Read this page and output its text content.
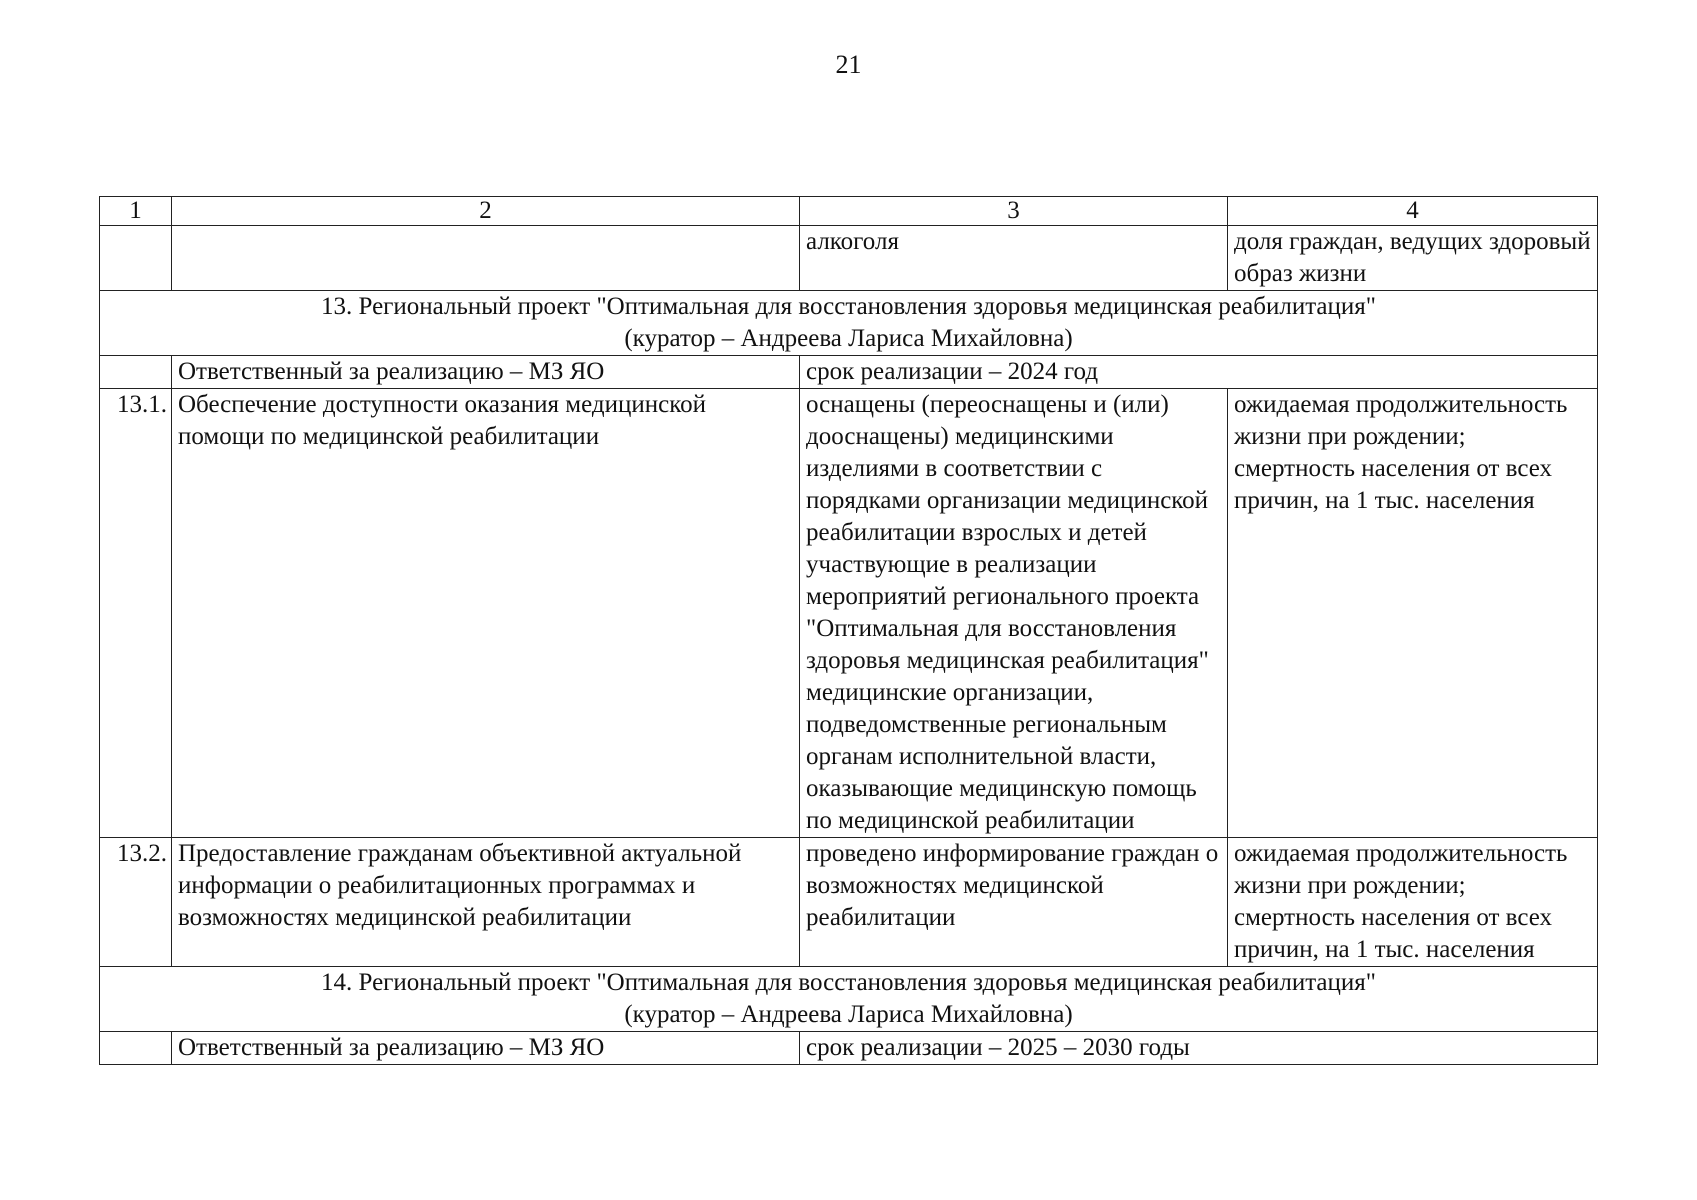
21
1	2	3	4
		алкоголя	доля граждан, ведущих здоровый образ жизни

13. Региональный проект "Оптимальная для восстановления здоровья медицинская реабилитация"
(куратор – Андреева Лариса Михайловна)			

	Ответственный за реализацию – МЗ ЯО	срок реализации – 2024 год	
13.1.	Обеспечение доступности оказания медицинской помощи по медицинской реабилитации	оснащены (переоснащены и (или) дооснащены) медицинскими изделиями в соответствии с порядками организации медицинской реабилитации взрослых и детей участвующие в реализации мероприятий регионального проекта "Оптимальная для восстановления здоровья медицинская реабилитация" медицинские организации, подведомственные региональным органам исполнительной власти, оказывающие медицинскую помощь по медицинской реабилитации	ожидаемая продолжительность жизни при рождении; смертность населения от всех причин, на 1 тыс. населения
13.2.	Предоставление гражданам объективной актуальной информации о реабилитационных программах и возможностях медицинской реабилитации	проведено информирование граждан о возможностях медицинской реабилитации	ожидаемая продолжительность жизни при рождении; смертность населения от всех причин, на 1 тыс. населения

14. Региональный проект "Оптимальная для восстановления здоровья медицинская реабилитация"
(куратор – Андреева Лариса Михайловна)			

	Ответственный за реализацию – МЗ ЯО	срок реализации – 2025 – 2030 годы	
